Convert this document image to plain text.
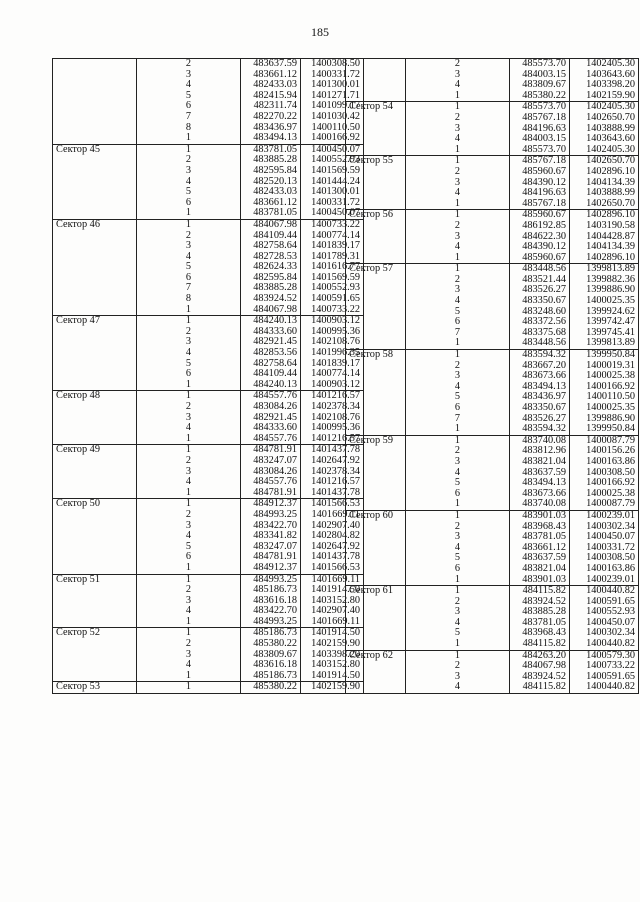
185
	2	483637.59	1400308.50
	3	483661.12	1400331.72
	4	482433.03	1401300.01
	5	482415.94	1401271.71
	6	482311.74	1401099.17
	7	482270.22	1401030.42
	8	483436.97	1400110.50
	1	483494.13	1400166.92
Сектор 45	1	483781.05	1400450.07
	2	483885.28	1400552.93
	3	482595.84	1401569.59
	4	482520.13	1401444.24
	5	482433.03	1401300.01
	6	483661.12	1400331.72
	1	483781.05	1400450.07
Сектор 46	1	484067.98	1400733.22
	2	484109.44	1400774.14
	3	482758.64	1401839.17
	4	482728.53	1401789.31
	5	482624.33	1401616.77
	6	482595.84	1401569.59
	7	483885.28	1400552.93
	8	483924.52	1400591.65
	1	484067.98	1400733.22
Сектор 47	1	484240.13	1400903.12
	2	484333.60	1400995.36
	3	482921.45	1402108.76
	4	482853.56	1401996.35
	5	482758.64	1401839.17
	6	484109.44	1400774.14
	1	484240.13	1400903.12
Сектор 48	1	484557.76	1401216.57
	2	483084.26	1402378.34
	3	482921.45	1402108.76
	4	484333.60	1400995.36
	1	484557.76	1401216.57
Сектор 49	1	484781.91	1401437.78
	2	483247.07	1402647.92
	3	483084.26	1402378.34
	4	484557.76	1401216.57
	1	484781.91	1401437.78
Сектор 50	1	484912.37	1401566.53
	2	484993.25	1401669.11
	3	483422.70	1402907.40
	4	483341.82	1402804.82
	5	483247.07	1402647.92
	6	484781.91	1401437.78
	1	484912.37	1401566.53
Сектор 51	1	484993.25	1401669.11
	2	485186.73	1401914.50
	3	483616.18	1403152.80
	4	483422.70	1402907.40
	1	484993.25	1401669.11
Сектор 52	1	485186.73	1401914.50
	2	485380.22	1402159.90
	3	483809.67	1403398.20
	4	483616.18	1403152.80
	1	485186.73	1401914.50
Сектор 53	1	485380.22	1402159.90
	2	485573.70	1402405.30
	3	484003.15	1403643.60
	4	483809.67	1403398.20
	1	485380.22	1402159.90
Сектор 54	1	485573.70	1402405.30
	2	485767.18	1402650.70
	3	484196.63	1403888.99
	4	484003.15	1403643.60
	1	485573.70	1402405.30
Сектор 55	1	485767.18	1402650.70
	2	485960.67	1402896.10
	3	484390.12	1404134.39
	4	484196.63	1403888.99
	1	485767.18	1402650.70
Сектор 56	1	485960.67	1402896.10
	2	486192.85	1403190.58
	3	484622.30	1404428.87
	4	484390.12	1404134.39
	1	485960.67	1402896.10
Сектор 57	1	483448.56	1399813.89
	2	483521.44	1399882.36
	3	483526.27	1399886.90
	4	483350.67	1400025.35
	5	483248.60	1399924.62
	6	483372.56	1399742.47
	7	483375.68	1399745.41
	1	483448.56	1399813.89
Сектор 58	1	483594.32	1399950.84
	2	483667.20	1400019.31
	3	483673.66	1400025.38
	4	483494.13	1400166.92
	5	483436.97	1400110.50
	6	483350.67	1400025.35
	7	483526.27	1399886.90
	1	483594.32	1399950.84
Сектор 59	1	483740.08	1400087.79
	2	483812.96	1400156.26
	3	483821.04	1400163.86
	4	483637.59	1400308.50
	5	483494.13	1400166.92
	6	483673.66	1400025.38
	1	483740.08	1400087.79
Сектор 60	1	483901.03	1400239.01
	2	483968.43	1400302.34
	3	483781.05	1400450.07
	4	483661.12	1400331.72
	5	483637.59	1400308.50
	6	483821.04	1400163.86
	1	483901.03	1400239.01
Сектор 61	1	484115.82	1400440.82
	2	483924.52	1400591.65
	3	483885.28	1400552.93
	4	483781.05	1400450.07
	5	483968.43	1400302.34
	1	484115.82	1400440.82
Сектор 62	1	484263.20	1400579.30
	2	484067.98	1400733.22
	3	483924.52	1400591.65
	4	484115.82	1400440.82
